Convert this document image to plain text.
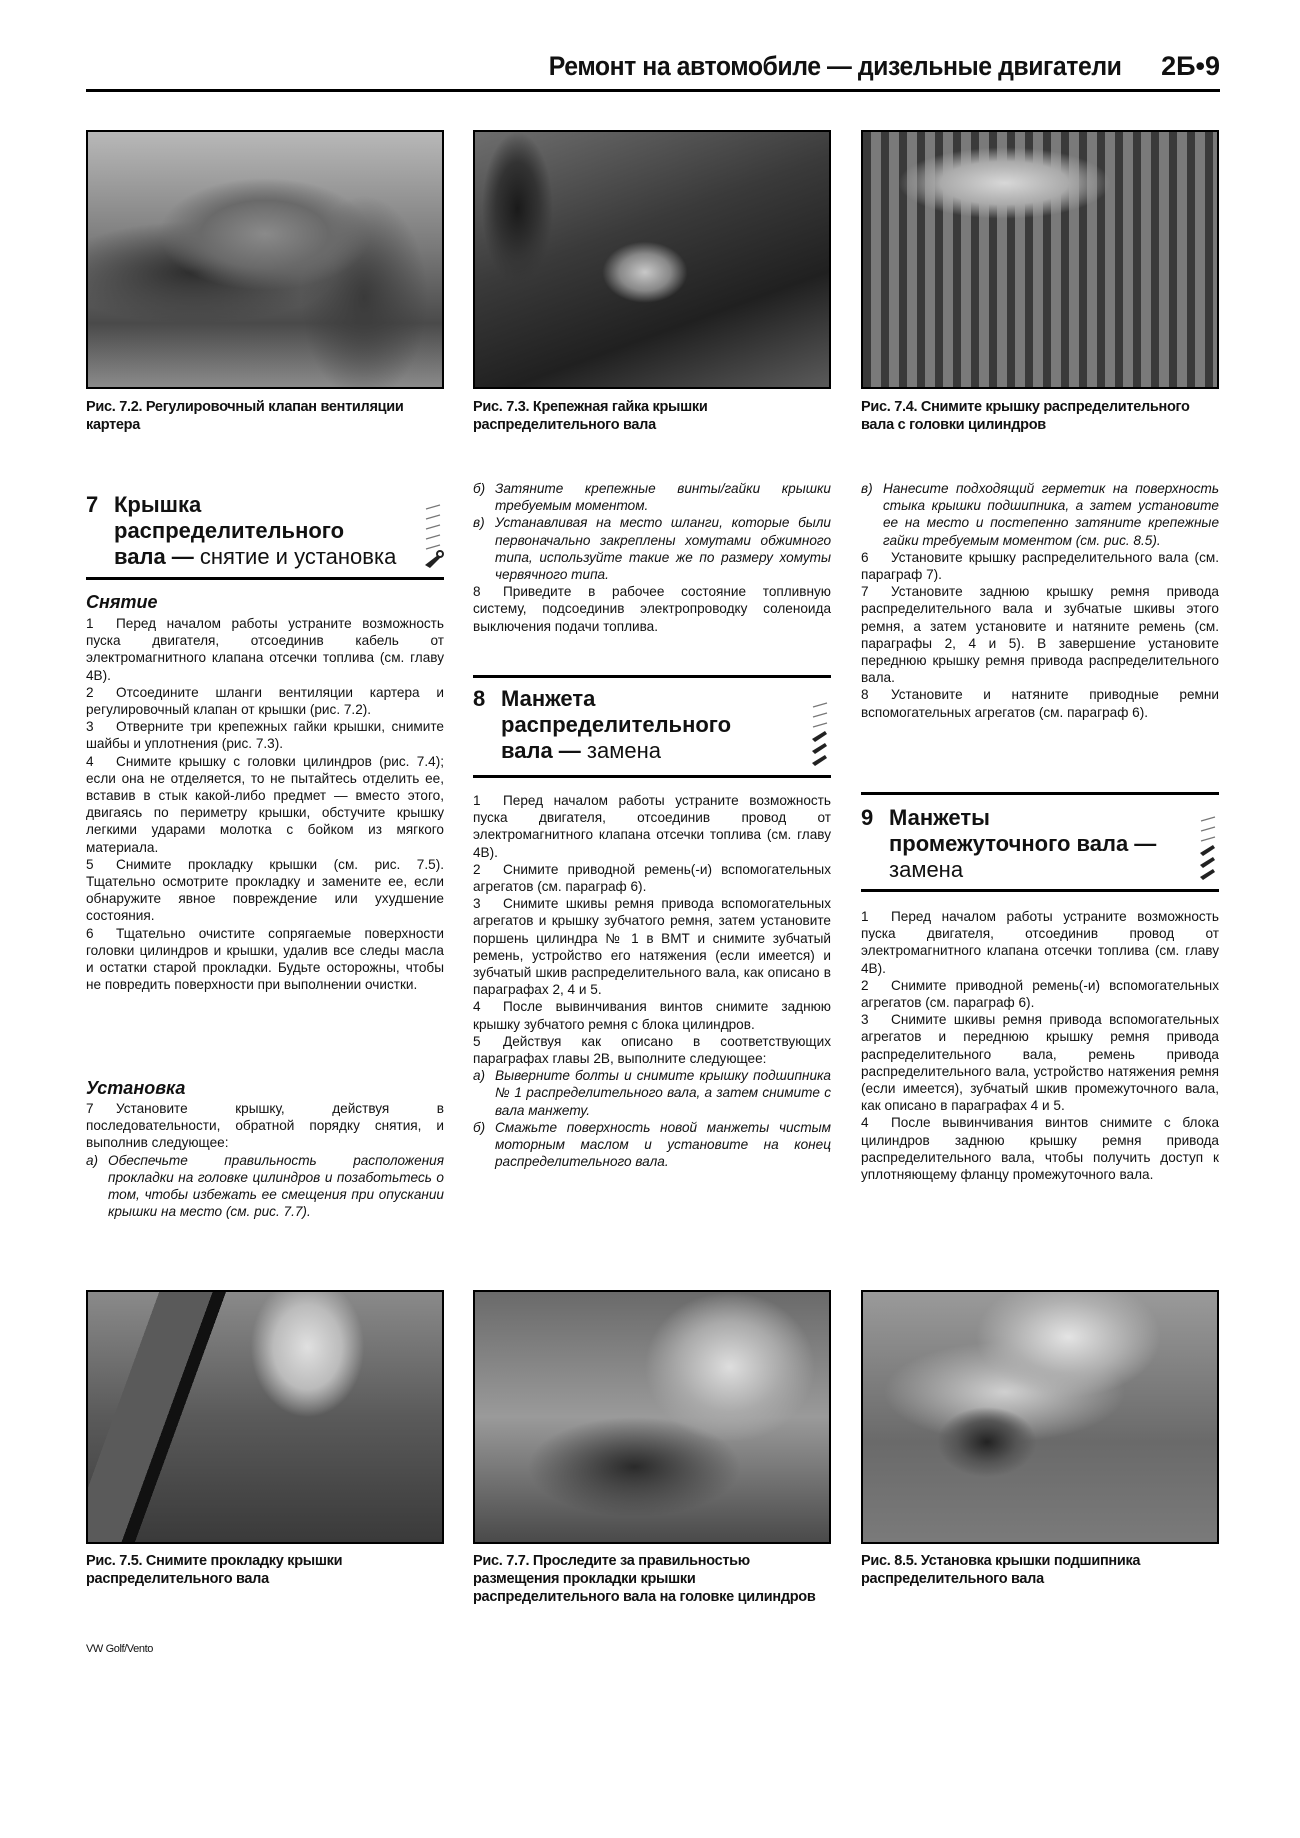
Ремонт на автомобиле — дизельные двигатели 2Б•9
Рис. 7.2. Регулировочный клапан вентиляции картера
Рис. 7.3. Крепежная гайка крышки распределительного вала
Рис. 7.4. Снимите крышку распределительного вала с головки цилиндров
7 Крышка
распределительного
вала — снятие и установка
Снятие

1 Перед началом работы устраните возможность пуска двигателя, отсоединив кабель от электромагнитного клапана отсечки топлива (см. главу 4В).

2 Отсоедините шланги вентиляции картера и регулировочный клапан от крышки (рис. 7.2).

3 Отверните три крепежных гайки крышки, снимите шайбы и уплотнения (рис. 7.3).

4 Снимите крышку с головки цилиндров (рис. 7.4); если она не отделяется, то не пытайтесь отделить ее, вставив в стык какой-либо предмет — вместо этого, двигаясь по периметру крышки, обстучите крышку легкими ударами молотка с бойком из мягкого материала.

5 Снимите прокладку крышки (см. рис. 7.5). Тщательно осмотрите прокладку и замените ее, если обнаружите явное повреждение или ухудшение состояния.

6 Тщательно очистите сопрягаемые поверхности головки цилиндров и крышки, удалив все следы масла и остатки старой прокладки. Будьте осторожны, чтобы не повредить поверхности при выполнении очистки.

Установка

7 Установите крышку, действуя в последовательности, обратной порядку снятия, и выполнив следующее:

а) Обеспечьте правильность расположения прокладки на головке цилиндров и позаботьтесь о том, чтобы избежать ее смещения при опускании крышки на место (см. рис. 7.7).

б) Затяните крепежные винты/гайки крышки требуемым моментом.

в) Устанавливая на место шланги, которые были первоначально закреплены хомутами обжимного типа, используйте такие же по размеру хомуты червячного типа.

8 Приведите в рабочее состояние топливную систему, подсоединив электропроводку соленоида выключения подачи топлива.

8 Манжета
распределительного
вала — замена

1 Перед началом работы устраните возможность пуска двигателя, отсоединив провод от электромагнитного клапана отсечки топлива (см. главу 4В).

2 Снимите приводной ремень(-и) вспомогательных агрегатов (см. параграф 6).

3 Снимите шкивы ремня привода вспомогательных агрегатов и крышку зубчатого ремня, затем установите поршень цилиндра № 1 в ВМТ и снимите зубчатый ремень, устройство его натяжения (если имеется) и зубчатый шкив распределительного вала, как описано в параграфах 2, 4 и 5.

4 После вывинчивания винтов снимите заднюю крышку зубчатого ремня с блока цилиндров.

5 Действуя как описано в соответствующих параграфах главы 2В, выполните следующее:

а) Выверните болты и снимите крышку подшипника № 1 распределительного вала, а затем снимите с вала манжету.

б) Смажьте поверхность новой манжеты чистым моторным маслом и установите на конец распределительного вала.

в) Нанесите подходящий герметик на поверхность стыка крышки подшипника, а затем установите ее на место и постепенно затяните крепежные гайки требуемым моментом (см. рис. 8.5).

6 Установите крышку распределительного вала (см. параграф 7).

7 Установите заднюю крышку ремня привода распределительного вала и зубчатые шкивы этого ремня, а затем установите и натяните ремень (см. параграфы 2, 4 и 5). В завершение установите переднюю крышку ремня привода распределительного вала.

8 Установите и натяните приводные ремни вспомогательных агрегатов (см. параграф 6).

9 Манжеты
промежуточного вала —
замена

1 Перед началом работы устраните возможность пуска двигателя, отсоединив провод от электромагнитного клапана отсечки топлива (см. главу 4В).

2 Снимите приводной ремень(-и) вспомогательных агрегатов (см. параграф 6).

3 Снимите шкивы ремня привода вспомогательных агрегатов и переднюю крышку ремня привода распределительного вала, ремень привода распределительного вала, устройство натяжения ремня (если имеется), зубчатый шкив промежуточного вала, как описано в параграфах 4 и 5.

4 После вывинчивания винтов снимите с блока цилиндров заднюю крышку ремня привода распределительного вала, чтобы получить доступ к уплотняющему фланцу промежуточного вала.

Рис. 7.5. Снимите прокладку крышки распределительного вала
Рис. 7.7. Проследите за правильностью размещения прокладки крышки распределительного вала на головке цилиндров
Рис. 8.5. Установка крышки подшипника распределительного вала
VW Golf/Vento
